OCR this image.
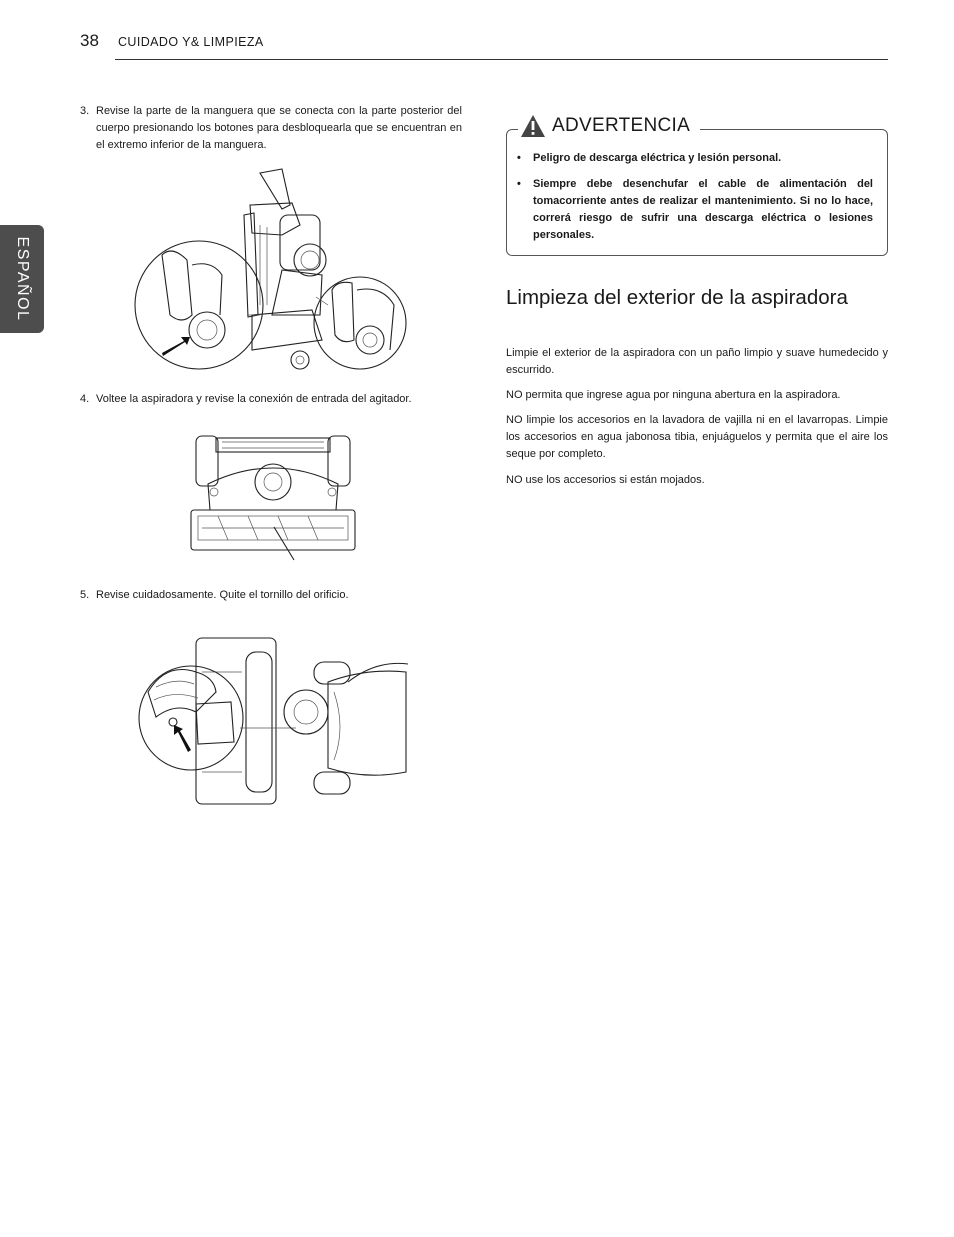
38 CUIDADO Y& LIMPIEZA
ESPAÑOL
3. Revise la parte de la manguera que se conecta con la parte posterior del cuerpo presionando los botones para desbloquearla que se encuentran en el extremo inferior de la manguera.
4. Voltee la aspiradora y revise la conexión de entrada del agitador.
5. Revise cuidadosamente. Quite el tornillo del orificio.
ADVERTENCIA
• Peligro de descarga eléctrica y lesión personal.
• Siempre debe desenchufar el cable de alimentación del tomacorriente antes de realizar el mantenimiento. Si no lo hace, correrá riesgo de sufrir una descarga eléctrica o lesiones personales.
Limpieza del exterior de la aspiradora
Limpie el exterior de la aspiradora con un paño limpio y suave humedecido y escurrido.
NO permita que ingrese agua por ninguna abertura en la aspiradora.
NO limpie los accesorios en la lavadora de vajilla ni en el lavarropas. Limpie los accesorios en agua jabonosa tibia, enjuáguelos y permita que el aire los seque por completo.
NO use los accesorios si están mojados.
